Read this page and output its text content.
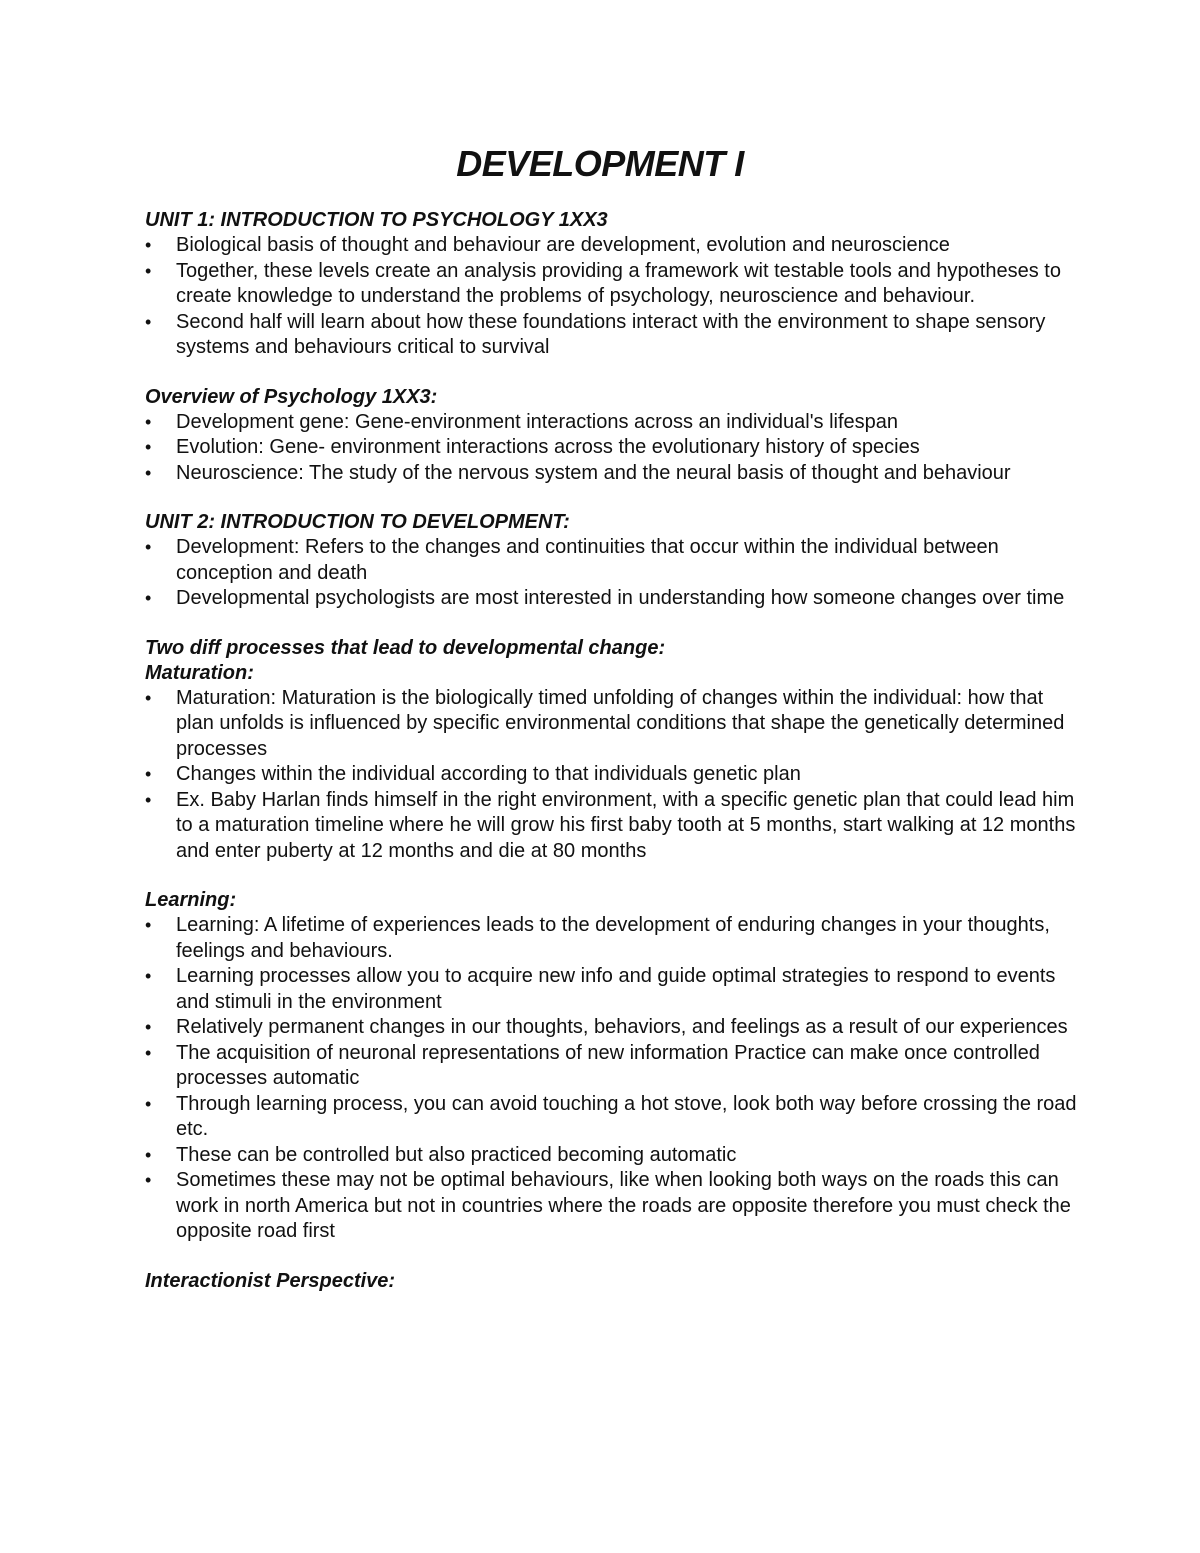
DEVELOPMENT I

UNIT 1: INTRODUCTION TO PSYCHOLOGY 1XX3

• Biological basis of thought and behaviour are development, evolution and neuroscience
• Together, these levels create an analysis providing a framework wit testable tools and hypotheses to create knowledge to understand the problems of psychology, neuroscience and behaviour.
• Second half will learn about how these foundations interact with the environment to shape sensory systems and behaviours critical to survival

Overview of Psychology 1XX3:

• Development gene: Gene-environment interactions across an individual's lifespan
• Evolution: Gene- environment interactions across the evolutionary history of species
• Neuroscience: The study of the nervous system and the neural basis of thought and behaviour

UNIT 2: INTRODUCTION TO DEVELOPMENT:

• Development: Refers to the changes and continuities that occur within the individual between conception and death
• Developmental psychologists are most interested in understanding how someone changes over time

Two diff processes that lead to developmental change:

Maturation:

• Maturation: Maturation is the biologically timed unfolding of changes within the individual: how that plan unfolds is influenced by specific environmental conditions that shape the genetically determined processes
• Changes within the individual according to that individuals genetic plan
• Ex. Baby Harlan finds himself in the right environment, with a specific genetic plan that could lead him to a maturation timeline where he will grow his first baby tooth at 5 months, start walking at 12 months and enter puberty at 12 months and die at 80 months

Learning:

• Learning: A lifetime of experiences leads to the development of enduring changes in your thoughts, feelings and behaviours.
• Learning processes allow you to acquire new info and guide optimal strategies to respond to events and stimuli in the environment
• Relatively permanent changes in our thoughts, behaviors, and feelings as a result of our experiences
• The acquisition of neuronal representations of new information Practice can make once controlled processes automatic
• Through learning process, you can avoid touching a hot stove, look both way before crossing the road etc.
• These can be controlled but also practiced becoming automatic
• Sometimes these may not be optimal behaviours, like when looking both ways on the roads this can work in north America but not in countries where the roads are opposite therefore you must check the opposite road first

Interactionist Perspective:
